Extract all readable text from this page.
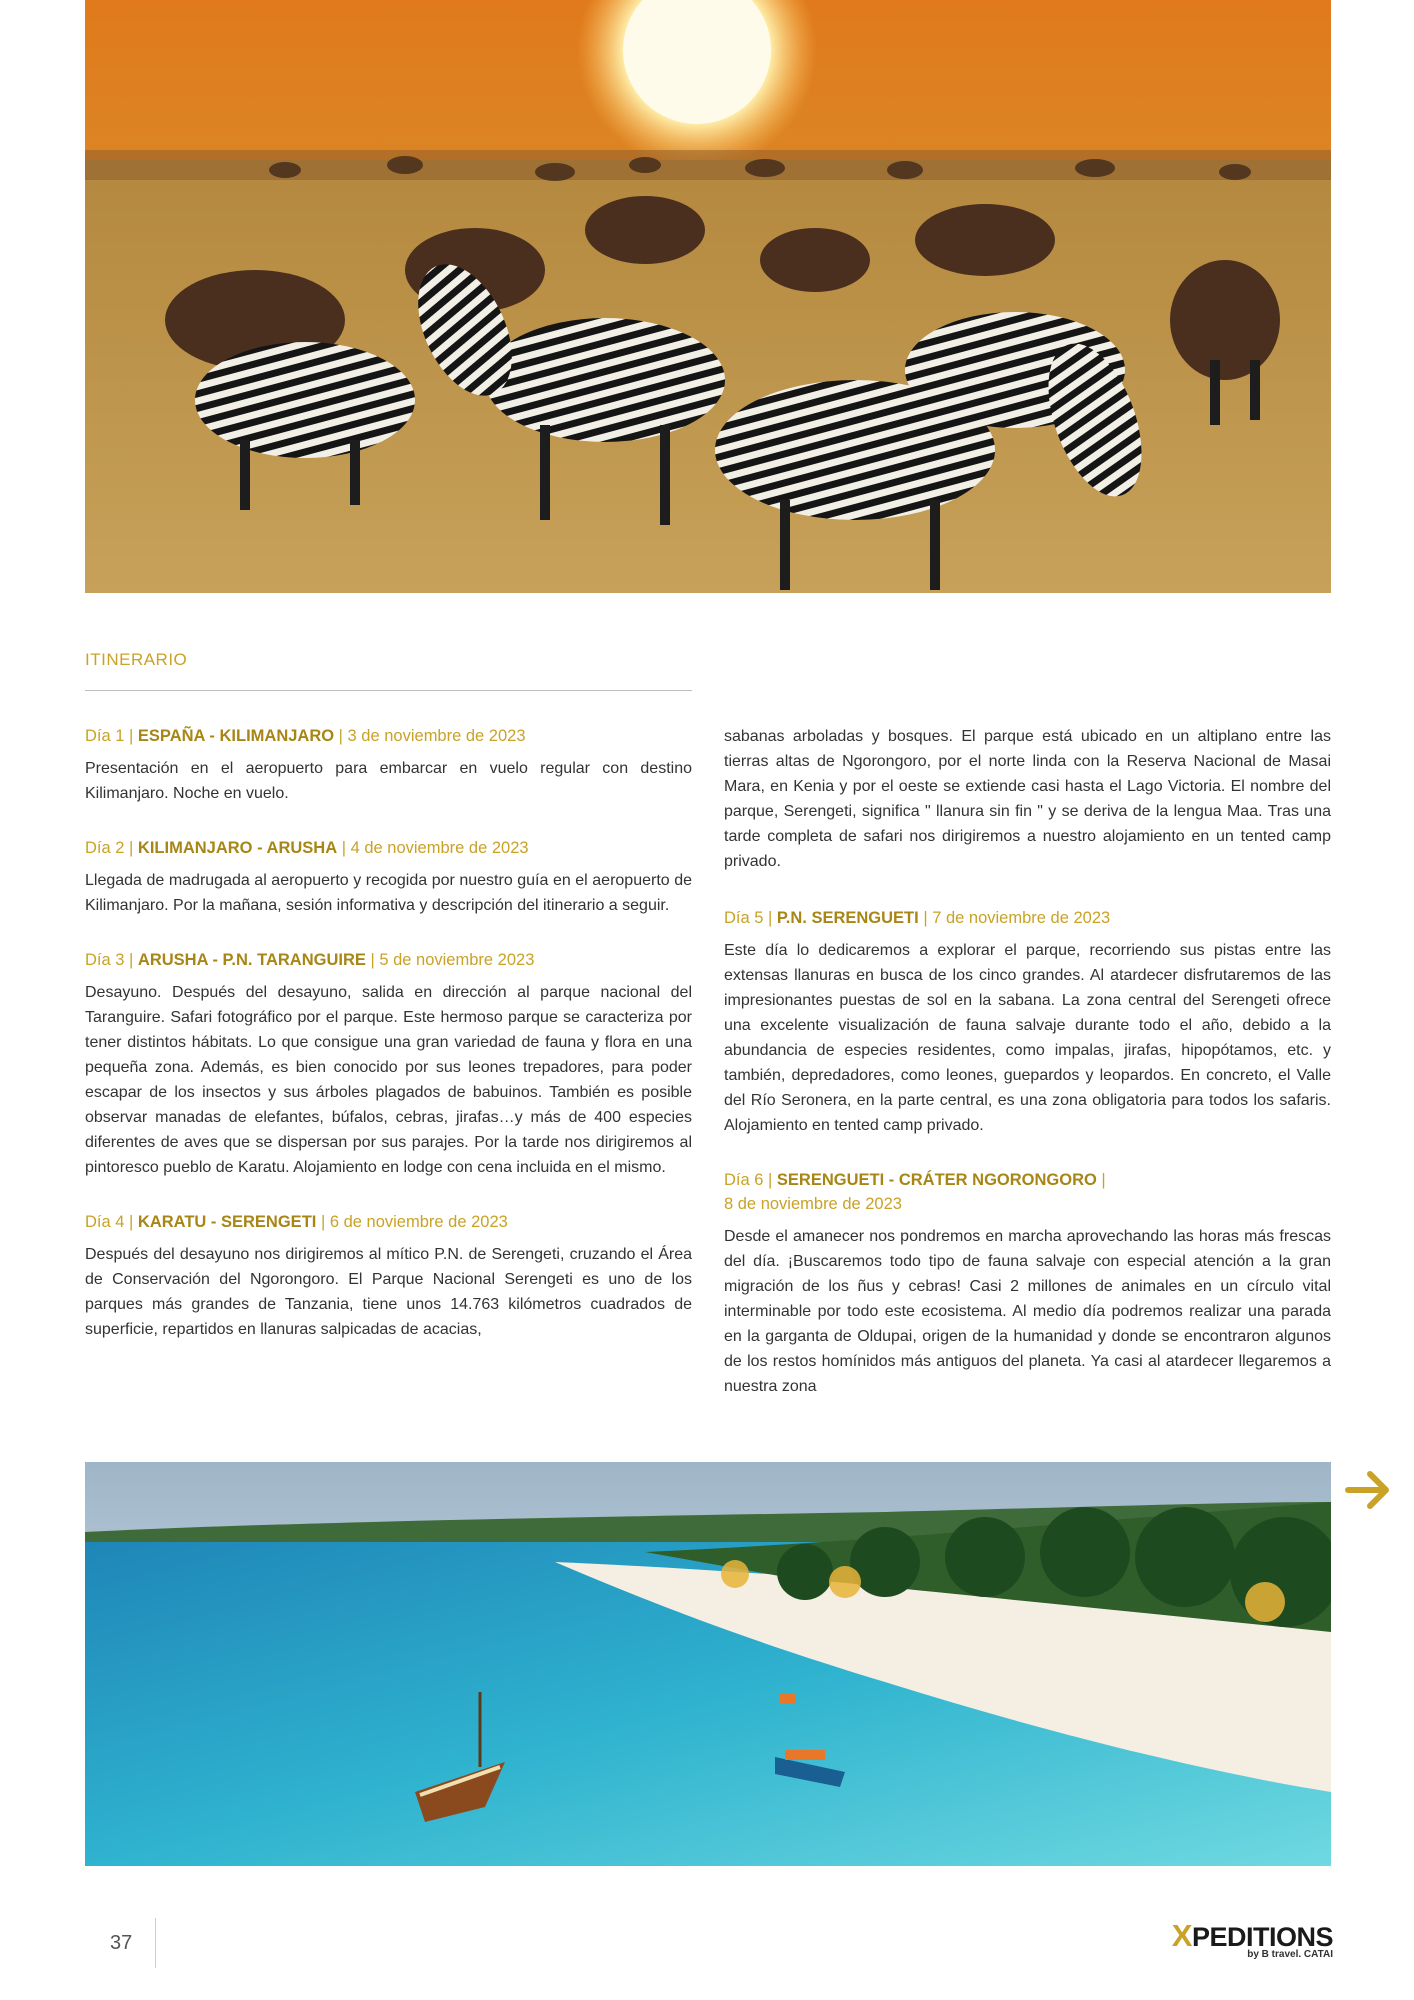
ITINERARIO

Día 1 | ESPAÑA - KILIMANJARO | 3 de noviembre de 2023

Presentación en el aeropuerto para embarcar en vuelo regular con destino Kilimanjaro. Noche en vuelo.

Día 2 | KILIMANJARO - ARUSHA | 4 de noviembre de 2023

Llegada de madrugada al aeropuerto y recogida por nuestro guía en el aeropuerto de Kilimanjaro. Por la mañana, sesión informativa y descripción del itinerario a seguir.

Día 3 | ARUSHA - P.N. TARANGUIRE | 5 de noviembre 2023

Desayuno. Después del desayuno, salida en dirección al parque nacional del Taranguire. Safari fotográfico por el parque. Este hermoso parque se caracteriza por tener distintos hábitats. Lo que consigue una gran variedad de fauna y flora en una pequeña zona. Además, es bien conocido por sus leones trepadores, para poder escapar de los insectos y sus árboles plagados de babuinos. También es posible observar manadas de elefantes, búfalos, cebras, jirafas…y más de 400 especies diferentes de aves que se dispersan por sus parajes. Por la tarde nos dirigiremos al pintoresco pueblo de Karatu. Alojamiento en lodge con cena incluida en el mismo.

Día 4 | KARATU - SERENGETI | 6 de noviembre de 2023

Después del desayuno nos dirigiremos al mítico P.N. de Serengeti, cruzando el Área de Conservación del Ngorongoro. El Parque Nacional Serengeti es uno de los parques más grandes de Tanzania, tiene unos 14.763 kilómetros cuadrados de superficie, repartidos en llanuras salpicadas de acacias,

sabanas arboladas y bosques. El parque está ubicado en un altiplano entre las tierras altas de Ngorongoro, por el norte linda con la Reserva Nacional de Masai Mara, en Kenia y por el oeste se extiende casi hasta el Lago Victoria. El nombre del parque, Serengeti, significa " llanura sin fin " y se deriva de la lengua Maa. Tras una tarde completa de safari nos dirigiremos a nuestro alojamiento en un tented camp privado.

Día 5 | P.N. SERENGUETI | 7 de noviembre de 2023

Este día lo dedicaremos a explorar el parque, recorriendo sus pistas entre las extensas llanuras en busca de los cinco grandes. Al atardecer disfrutaremos de las impresionantes puestas de sol en la sabana. La zona central del Serengeti ofrece una excelente visualización de fauna salvaje durante todo el año, debido a la abundancia de especies residentes, como impalas, jirafas, hipopótamos, etc. y también, depredadores, como leones, guepardos y leopardos. En concreto, el Valle del Río Seronera, en la parte central, es una zona obligatoria para todos los safaris. Alojamiento en tented camp privado.

Día 6 | SERENGUETI - CRÁTER NGORONGORO |
8 de noviembre de 2023

Desde el amanecer nos pondremos en marcha aprovechando las horas más frescas del día. ¡Buscaremos todo tipo de fauna salvaje con especial atención a la gran migración de los ñus y cebras! Casi 2 millones de animales en un círculo vital interminable por todo este ecosistema. Al medio día podremos realizar una parada en la garganta de Oldupai, origen de la humanidad y donde se encontraron algunos de los restos homínidos más antiguos del planeta. Ya casi al atardecer llegaremos a nuestra zona

37	XPEDITIONS
by B travel. CATAI
